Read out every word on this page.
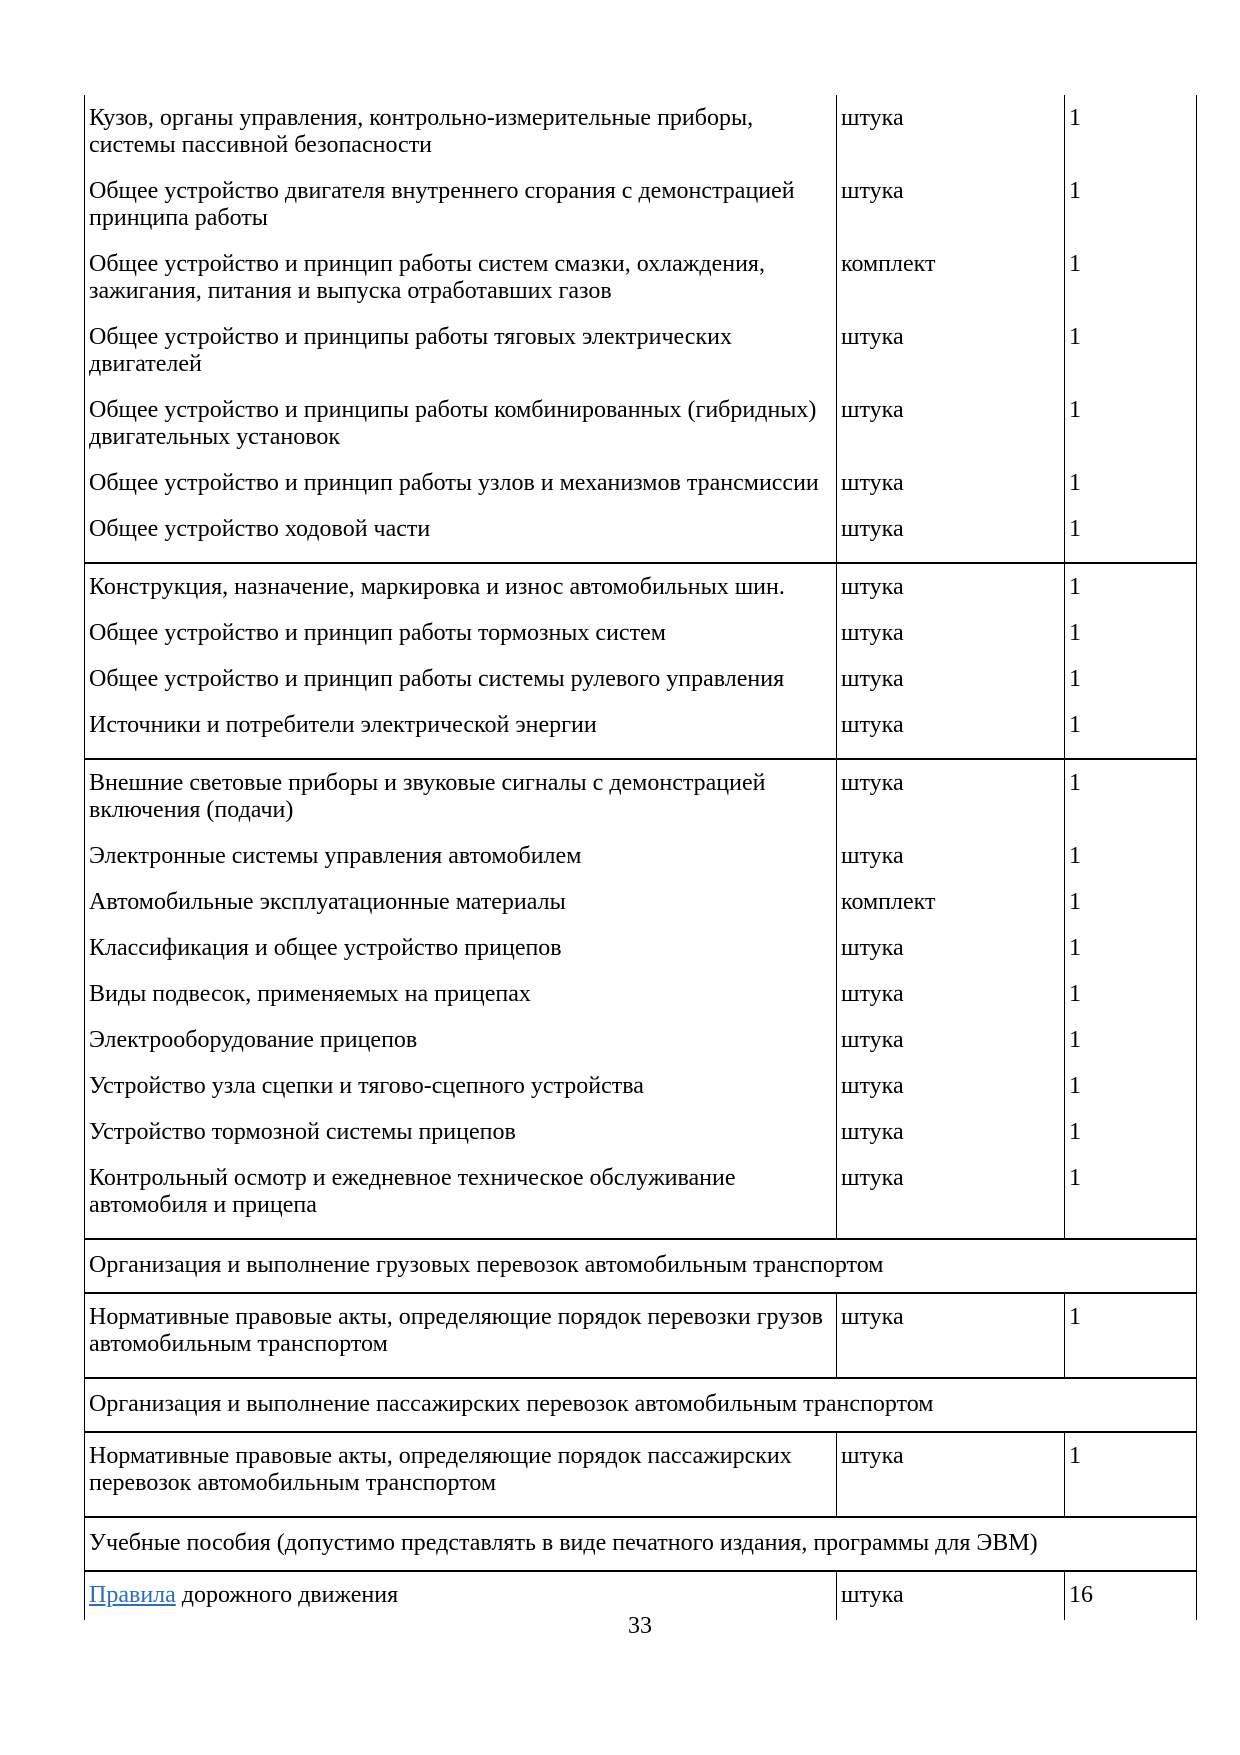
Кузов, органы управления, контрольно-измерительные приборы, системы пассивной безопасности	штука	1
Общее устройство двигателя внутреннего сгорания с демонстрацией принципа работы	штука	1
Общее устройство и принцип работы систем смазки, охлаждения, зажигания, питания и выпуска отработавших газов	комплект	1
Общее устройство и принципы работы тяговых электрических двигателей	штука	1
Общее устройство и принципы работы комбинированных (гибридных) двигательных установок	штука	1
Общее устройство и принцип работы узлов и механизмов трансмиссии	штука	1
Общее устройство ходовой части	штука	1
Конструкция, назначение, маркировка и износ автомобильных шин.	штука	1
Общее устройство и принцип работы тормозных систем	штука	1
Общее устройство и принцип работы системы рулевого управления	штука	1
Источники и потребители электрической энергии	штука	1
Внешние световые приборы и звуковые сигналы с демонстрацией включения (подачи)	штука	1
Электронные системы управления автомобилем	штука	1
Автомобильные эксплуатационные материалы	комплект	1
Классификация и общее устройство прицепов	штука	1
Виды подвесок, применяемых на прицепах	штука	1
Электрооборудование прицепов	штука	1
Устройство узла сцепки и тягово-сцепного устройства	штука	1
Устройство тормозной системы прицепов	штука	1
Контрольный осмотр и ежедневное техническое обслуживание автомобиля и прицепа	штука	1
Организация и выполнение грузовых перевозок автомобильным транспортом		
Нормативные правовые акты, определяющие порядок перевозки грузов автомобильным транспортом	штука	1
Организация и выполнение пассажирских перевозок автомобильным транспортом		
Нормативные правовые акты, определяющие порядок пассажирских перевозок автомобильным транспортом	штука	1
Учебные пособия (допустимо представлять в виде печатного издания, программы для ЭВМ)		
Правила дорожного движения	штука	16
33
